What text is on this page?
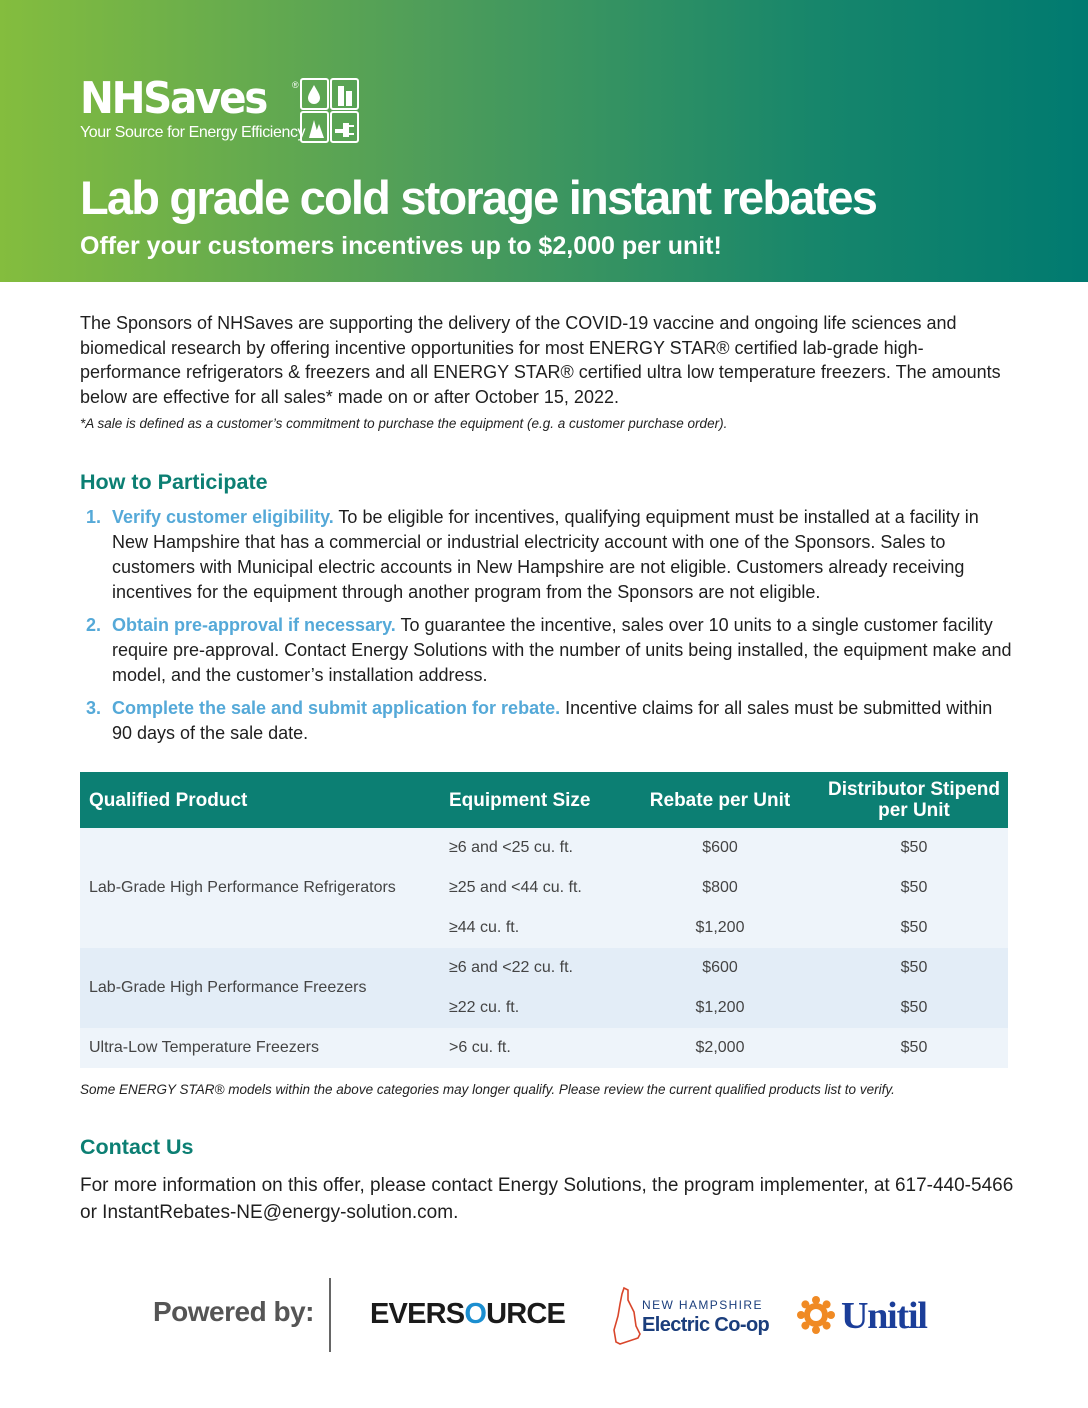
NHSaves	®
Your Source for Energy Efficiency
Lab grade cold storage instant rebates
Offer your customers incentives up to $2,000 per unit!

The Sponsors of NHSaves are supporting the delivery of the COVID-19 vaccine and ongoing life sciences and biomedical research by offering incentive opportunities for most ENERGY STAR® certified lab-grade high-performance refrigerators & freezers and all ENERGY STAR® certified ultra low temperature freezers. The amounts below are effective for all sales* made on or after October 15, 2022.

*A sale is defined as a customer’s commitment to purchase the equipment (e.g. a customer purchase order).
How to Participate
1. Verify customer eligibility. To be eligible for incentives, qualifying equipment must be installed at a facility in New Hampshire that has a commercial or industrial electricity account with one of the Sponsors. Sales to customers with Municipal electric accounts in New Hampshire are not eligible. Customers already receiving incentives for the equipment through another program from the Sponsors are not eligible.
2. Obtain pre-approval if necessary. To guarantee the incentive, sales over 10 units to a single customer facility require pre-approval. Contact Energy Solutions with the number of units being installed, the equipment make and model, and the customer’s installation address.
3. Complete the sale and submit application for rebate. Incentive claims for all sales must be submitted within 90 days of the sale date.
Qualified Product	Equipment Size	Rebate per Unit	Distributor Stipend per Unit
Lab-Grade High Performance Refrigerators	≥6 and <25 cu. ft.	$600	$50
	≥25 and <44 cu. ft.	$800	$50
	≥44 cu. ft.	$1,200	$50
Lab-Grade High Performance Freezers	≥6 and <22 cu. ft.	$600	$50
	≥22 cu. ft.	$1,200	$50
Ultra-Low Temperature Freezers	>6 cu. ft.	$2,000	$50
Some ENERGY STAR® models within the above categories may longer qualify. Please review the current qualified products list to verify.
Contact Us

For more information on this offer, please contact Energy Solutions, the program implementer, at 617-440-5466 or InstantRebates-NE@energy-solution.com.

Powered by: EVERSOURCE	NEW HAMPSHIRE
Electric Co-op Unitil
